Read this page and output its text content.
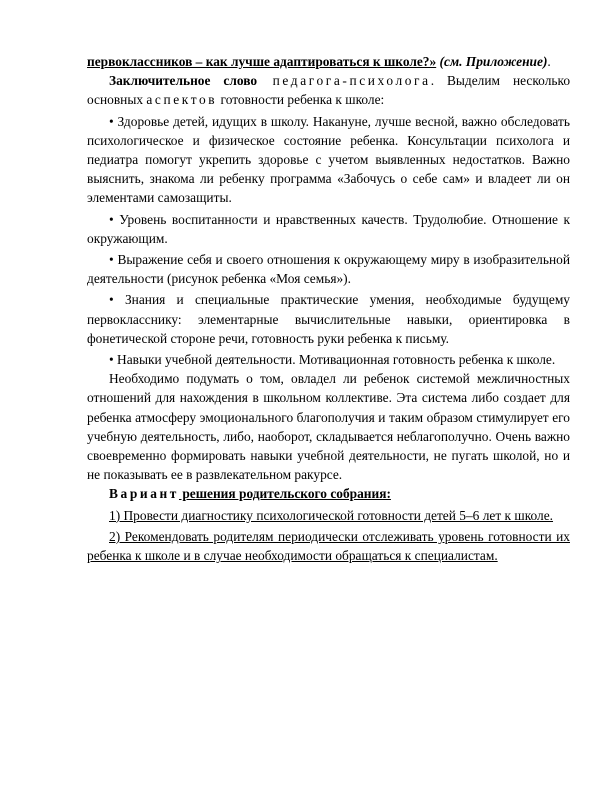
первоклассников – как лучше адаптироваться к школе?» (см. Приложение).

Заключительное слово педагога-психолога. Выделим несколько основных аспектов готовности ребенка к школе:

• Здоровье детей, идущих в школу. Накануне, лучше весной, важно обследовать психологическое и физическое состояние ребенка. Консультации психолога и педиатра помогут укрепить здоровье с учетом выявленных недостатков. Важно выяснить, знакома ли ребенку программа «Забочусь о себе сам» и владеет ли он элементами самозащиты.

• Уровень воспитанности и нравственных качеств. Трудолюбие. Отношение к окружающим.

• Выражение себя и своего отношения к окружающему миру в изобразительной деятельности (рисунок ребенка «Моя семья»).

• Знания и специальные практические умения, необходимые будущему первокласснику: элементарные вычислительные навыки, ориентировка в фонетической стороне речи, готовность руки ребенка к письму.

• Навыки учебной деятельности. Мотивационная готовность ребенка к школе.

Необходимо подумать о том, овладел ли ребенок системой межличностных отношений для нахождения в школьном коллективе. Эта система либо создает для ребенка атмосферу эмоционального благополучия и таким образом стимулирует его учебную деятельность, либо, наоборот, складывается неблагополучно. Очень важно своевременно формировать навыки учебной деятельности, не пугать школой, но и не показывать ее в развлекательном ракурсе.

Вариант решения родительского собрания:

1) Провести диагностику психологической готовности детей 5–6 лет к школе.

2) Рекомендовать родителям периодически отслеживать уровень готовности их ребенка к школе и в случае необходимости обращаться к специалистам.
